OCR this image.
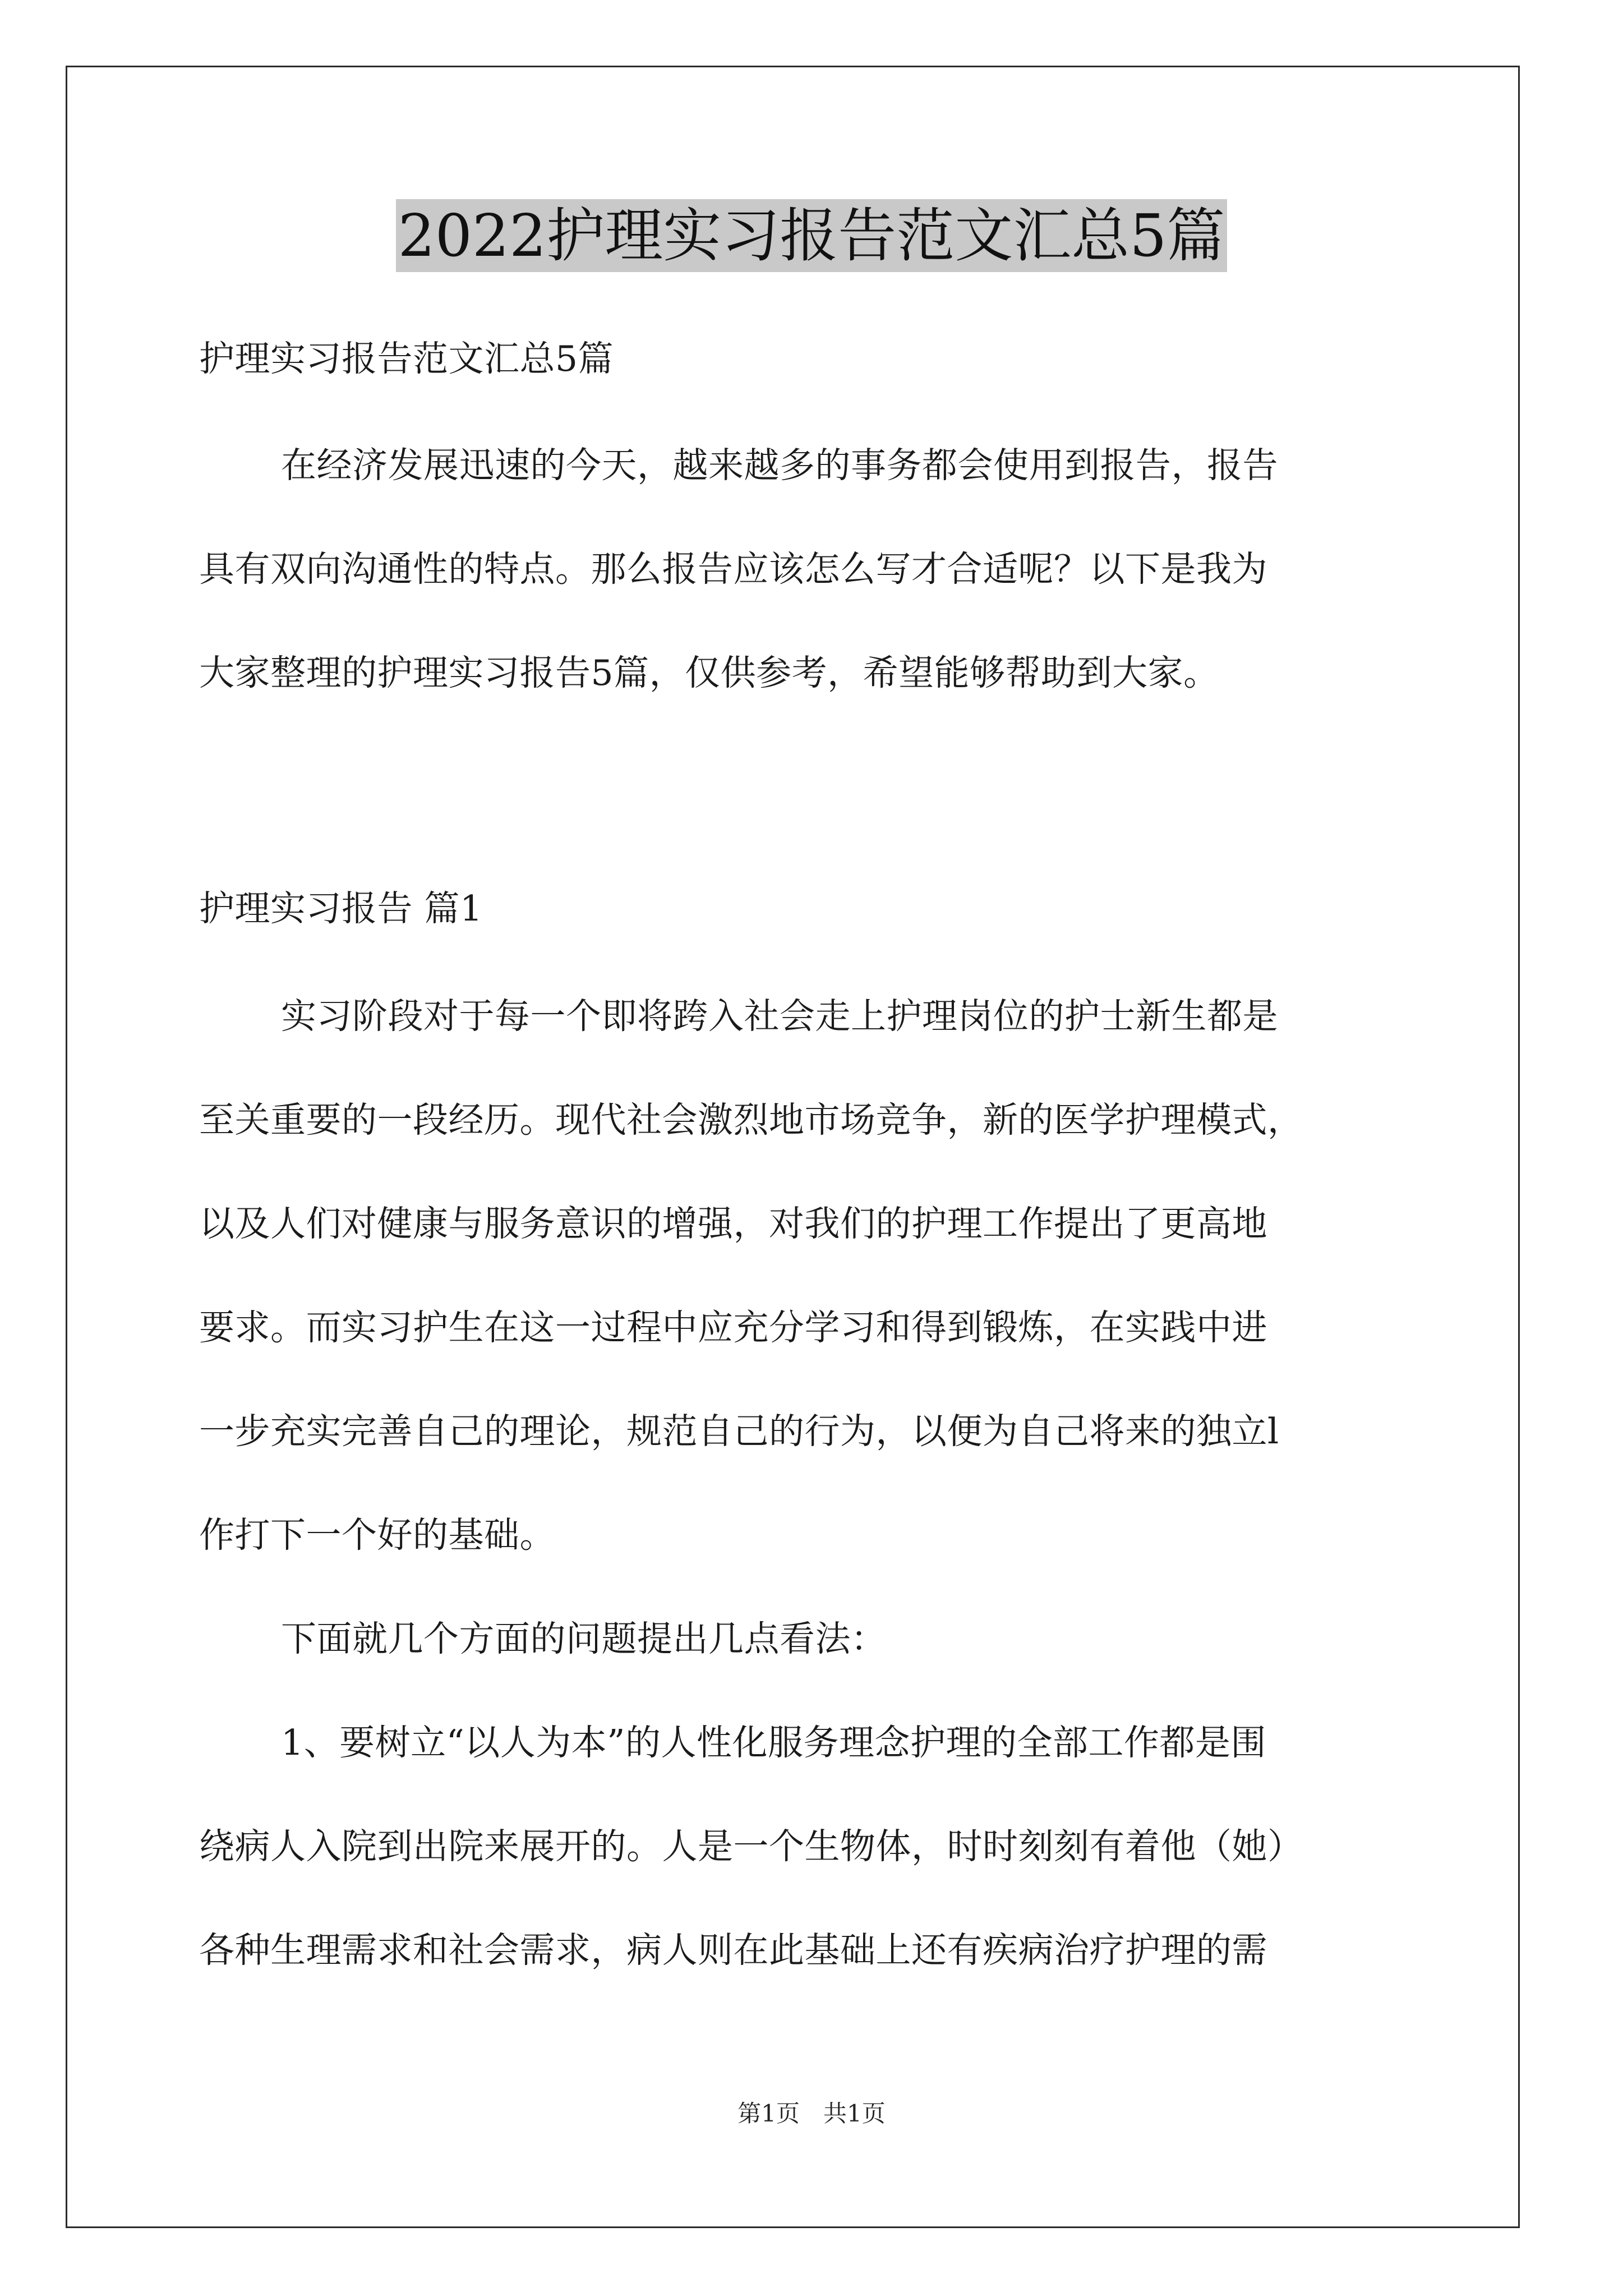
2022护理实习报告范文汇总5篇
护理实习报告范文汇总5篇
在经济发展迅速的今天，越来越多的事务都会使用到报告，报告
具有双向沟通性的特点。那么报告应该怎么写才合适呢？以下是我为
大家整理的护理实习报告5篇，仅供参考，希望能够帮助到大家。
护理实习报告 篇1
实习阶段对于每一个即将跨入社会走上护理岗位的护士新生都是
至关重要的一段经历。现代社会激烈地市场竞争，新的医学护理模式，
以及人们对健康与服务意识的增强，对我们的护理工作提出了更高地
要求。而实习护生在这一过程中应充分学习和得到锻炼，在实践中进
一步充实完善自己的理论，规范自己的行为，以便为自己将来的独立l
作打下一个好的基础。
下面就几个方面的问题提出几点看法：
1、要树立“以人为本”的人性化服务理念护理的全部工作都是围
绕病人入院到出院来展开的。人是一个生物体，时时刻刻有着他（她）
各种生理需求和社会需求，病人则在此基础上还有疾病治疗护理的需
第1页　共1页
